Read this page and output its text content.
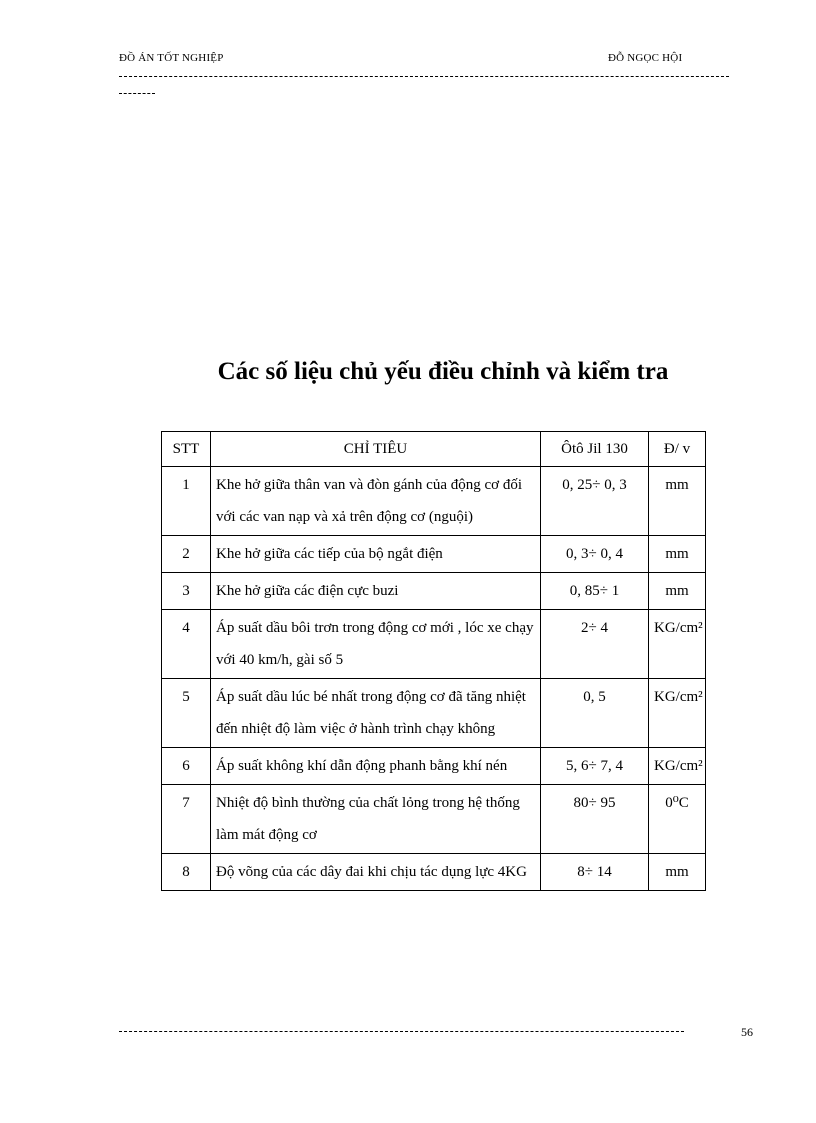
ĐỒ ÁN TỐT NGHIỆP	ĐỖ NGỌC HỘI
Các số liệu chủ yếu điều chỉnh và kiểm tra
STT	CHỈ TIÊU	Ôtô Jil 130	Đ/ v
1	Khe hở giữa thân van và đòn gánh của động cơ đối với các van nạp và xả trên động cơ (nguội)	0, 25÷ 0, 3	mm
2	Khe hở giữa các tiếp của bộ ngắt điện	0, 3÷ 0, 4	mm
3	Khe hở giữa các điện cực buzi	0, 85÷ 1	mm
4	Áp suất dầu bôi trơn trong động cơ mới , lóc xe chạy với 40 km/h, gài số 5	2÷ 4	KG/cm²
5	Áp suất dầu lúc bé nhất trong động cơ đã tăng nhiệt đến nhiệt độ làm việc ở hành trình chạy không	0, 5	KG/cm²
6	Áp suất không khí dẫn động phanh bằng khí nén	5, 6÷ 7, 4	KG/cm²
7	Nhiệt độ bình thường của chất lỏng trong hệ thống làm mát động cơ	80÷ 95	0⁰C
8	Độ võng của các dây đai khi chịu tác dụng lực 4KG	8÷ 14	mm
56
